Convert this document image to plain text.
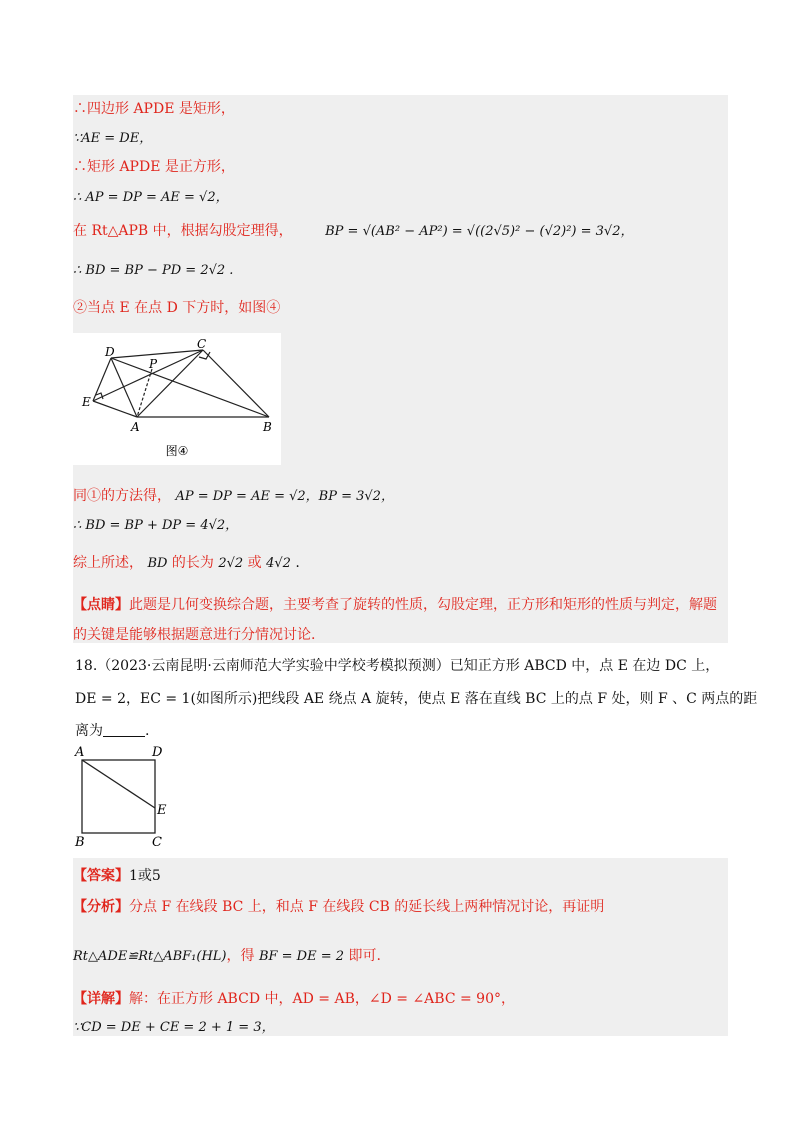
∴四边形 APDE 是矩形，
∵AE = DE，
∴矩形 APDE 是正方形，
∴ AP = DP = AE = √2，
在 Rt△APB 中，根据勾股定理得， BP = √(AB² − AP²) = √((2√5)² − (√2)²) = 3√2，
∴ BD = BP − PD = 2√2 .
②当点 E 在点 D 下方时，如图④
D
P
C
E
A	B
图④
同①的方法得， AP = DP = AE = √2，BP = 3√2，
∴ BD = BP + DP = 4√2，
综上所述， BD 的长为 2√2 或 4√2 .
【点睛】此题是几何变换综合题，主要考查了旋转的性质，勾股定理，正方形和矩形的性质与判定，解题
的关键是能够根据题意进行分情况讨论.
18.（2023·云南昆明·云南师范大学实验中学校考模拟预测）已知正方形 ABCD 中，点 E 在边 DC 上，
DE = 2，EC = 1(如图所示)把线段 AE 绕点 A 旋转，使点 E 落在直线 BC 上的点 F 处，则 F 、C 两点的距
离为	.
A	D
E
B	C
【答案】1或5
【分析】分点 F 在线段 BC 上，和点 F 在线段 CB 的延长线上两种情况讨论，再证明
Rt△ADE≌Rt△ABF₁(HL)，得 BF = DE = 2 即可.
【详解】解：在正方形 ABCD 中，AD = AB，∠D = ∠ABC = 90°，
∵CD = DE + CE = 2 + 1 = 3，
